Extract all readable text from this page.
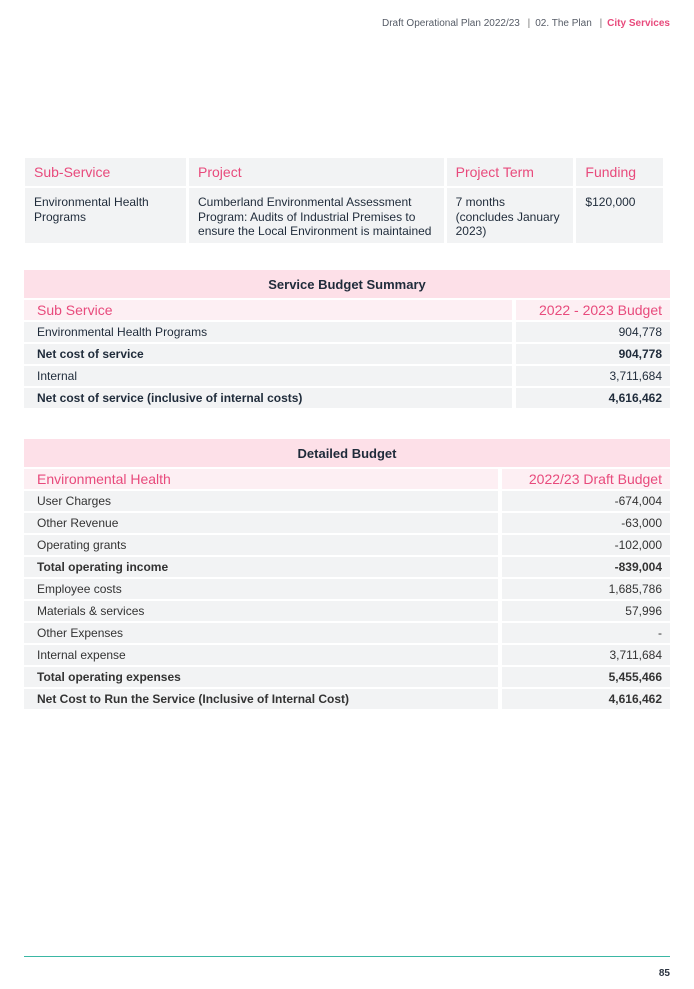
Draft Operational Plan 2022/23 | 02. The Plan | City Services
Sub-Service	Project	Project Term	Funding
Environmental Health Programs	Cumberland Environmental Assessment Program: Audits of Industrial Premises to ensure the Local Environment is maintained	7 months (concludes January 2023)	$120,000
Service Budget Summary	
Sub Service	2022 - 2023 Budget
Environmental Health Programs	904,778
Net cost of service	904,778
Internal	3,711,684
Net cost of service (inclusive of internal costs)	4,616,462
Detailed Budget	
Environmental Health	2022/23 Draft Budget
User Charges	-674,004
Other Revenue	-63,000
Operating grants	-102,000
Total operating income	-839,004
Employee costs	1,685,786
Materials & services	57,996
Other Expenses	-
Internal expense	3,711,684
Total operating expenses	5,455,466
Net Cost to Run the Service (Inclusive of Internal Cost)	4,616,462
85
